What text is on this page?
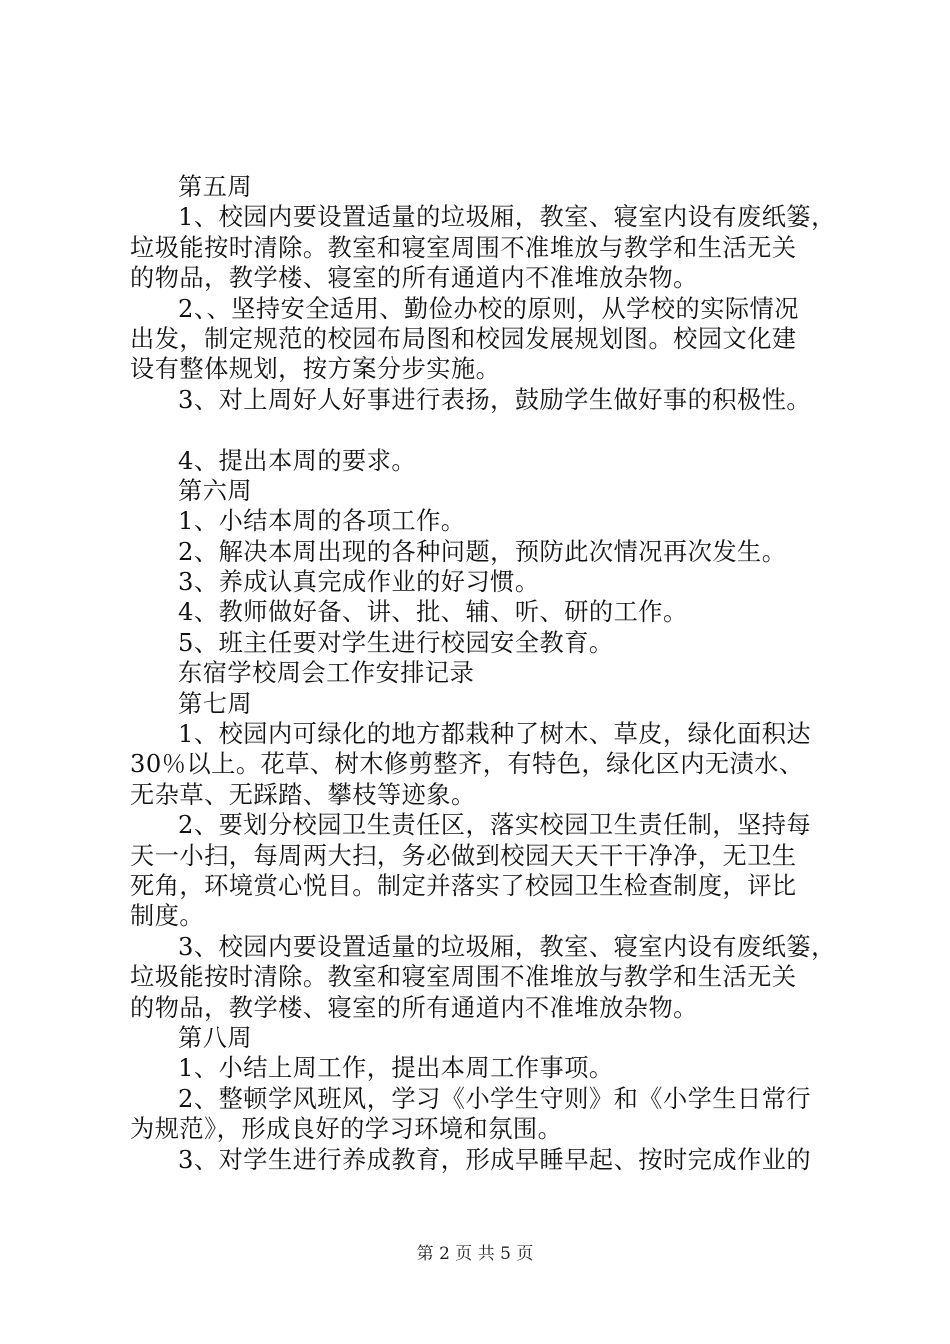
第五周
1、校园内要设置适量的垃圾厢，教室、寝室内设有废纸篓，
垃圾能按时清除。教室和寝室周围不准堆放与教学和生活无关
的物品，教学楼、寝室的所有通道内不准堆放杂物。
2、、坚持安全适用、勤俭办校的原则，从学校的实际情况
出发，制定规范的校园布局图和校园发展规划图。校园文化建
设有整体规划，按方案分步实施。
3、对上周好人好事进行表扬，鼓励学生做好事的积极性。
4、提出本周的要求。
第六周
1、小结本周的各项工作。
2、解决本周出现的各种问题，预防此次情况再次发生。
3、养成认真完成作业的好习惯。
4、教师做好备、讲、批、辅、听、研的工作。
5、班主任要对学生进行校园安全教育。
东宿学校周会工作安排记录
第七周
1、校园内可绿化的地方都栽种了树木、草皮，绿化面积达
30％以上。花草、树木修剪整齐，有特色，绿化区内无渍水、
无杂草、无踩踏、攀枝等迹象。
2、要划分校园卫生责任区，落实校园卫生责任制，坚持每
天一小扫，每周两大扫，务必做到校园天天干干净净，无卫生
死角，环境赏心悦目。制定并落实了校园卫生检查制度，评比
制度。
3、校园内要设置适量的垃圾厢，教室、寝室内设有废纸篓，
垃圾能按时清除。教室和寝室周围不准堆放与教学和生活无关
的物品，教学楼、寝室的所有通道内不准堆放杂物。
第八周
1、小结上周工作，提出本周工作事项。
2、整顿学风班风，学习《小学生守则》和《小学生日常行
为规范》，形成良好的学习环境和氛围。
3、对学生进行养成教育，形成早睡早起、按时完成作业的
第 2 页 共 5 页
